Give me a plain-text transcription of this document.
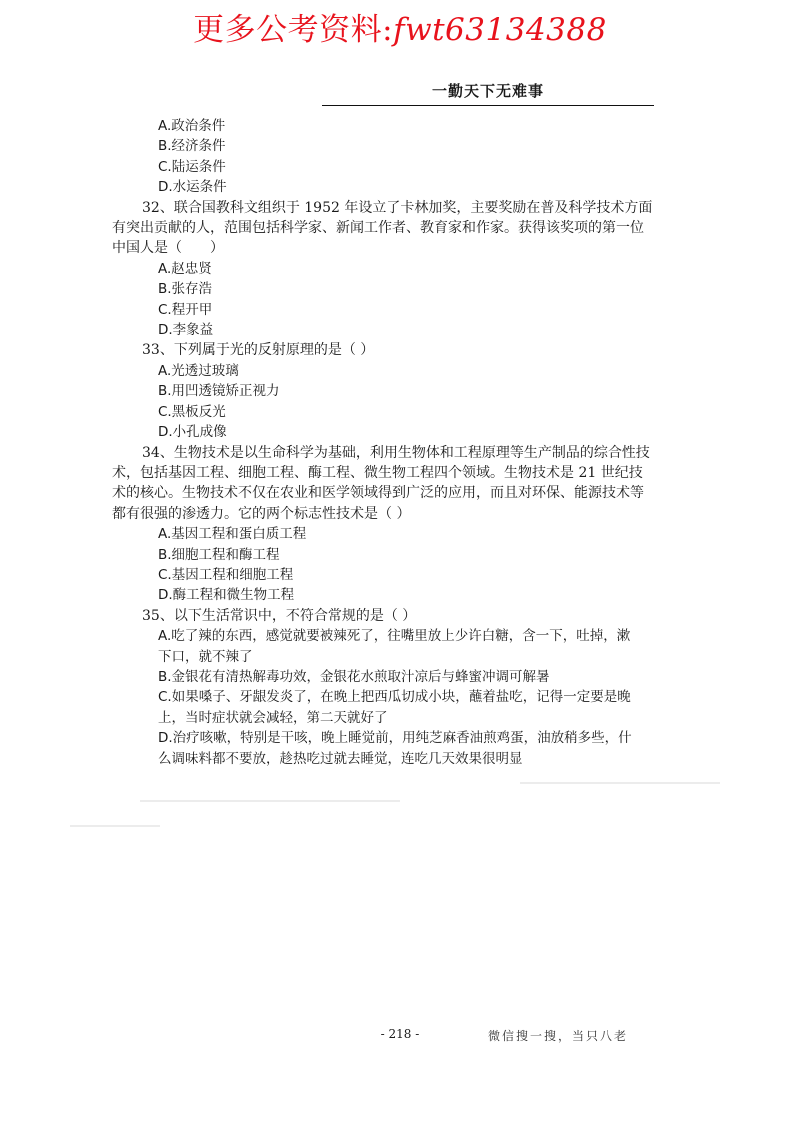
更多公考资料:fwt63134388
一勤天下无难事
A.政治条件
B.经济条件
C.陆运条件
D.水运条件
32、联合国教科文组织于 1952 年设立了卡林加奖，主要奖励在普及科学技术方面
有突出贡献的人，范围包括科学家、新闻工作者、教育家和作家。获得该奖项的第一位
中国人是（　　）
A.赵忠贤
B.张存浩
C.程开甲
D.李象益
33、下列属于光的反射原理的是（ ）
A.光透过玻璃
B.用凹透镜矫正视力
C.黑板反光
D.小孔成像
34、生物技术是以生命科学为基础，利用生物体和工程原理等生产制品的综合性技
术，包括基因工程、细胞工程、酶工程、微生物工程四个领域。生物技术是 21 世纪技
术的核心。生物技术不仅在农业和医学领域得到广泛的应用，而且对环保、能源技术等
都有很强的渗透力。它的两个标志性技术是（ ）
A.基因工程和蛋白质工程
B.细胞工程和酶工程
C.基因工程和细胞工程
D.酶工程和微生物工程
35、以下生活常识中，不符合常规的是（ ）
A.吃了辣的东西，感觉就要被辣死了，往嘴里放上少许白糖，含一下，吐掉，漱
下口，就不辣了
B.金银花有清热解毒功效，金银花水煎取汁凉后与蜂蜜冲调可解暑
C.如果嗓子、牙龈发炎了，在晚上把西瓜切成小块，蘸着盐吃，记得一定要是晚
上，当时症状就会减轻，第二天就好了
D.治疗咳嗽，特别是干咳，晚上睡觉前，用纯芝麻香油煎鸡蛋，油放稍多些，什
么调味料都不要放，趁热吃过就去睡觉，连吃几天效果很明显
- 218 -	微信搜一搜，当只八老
